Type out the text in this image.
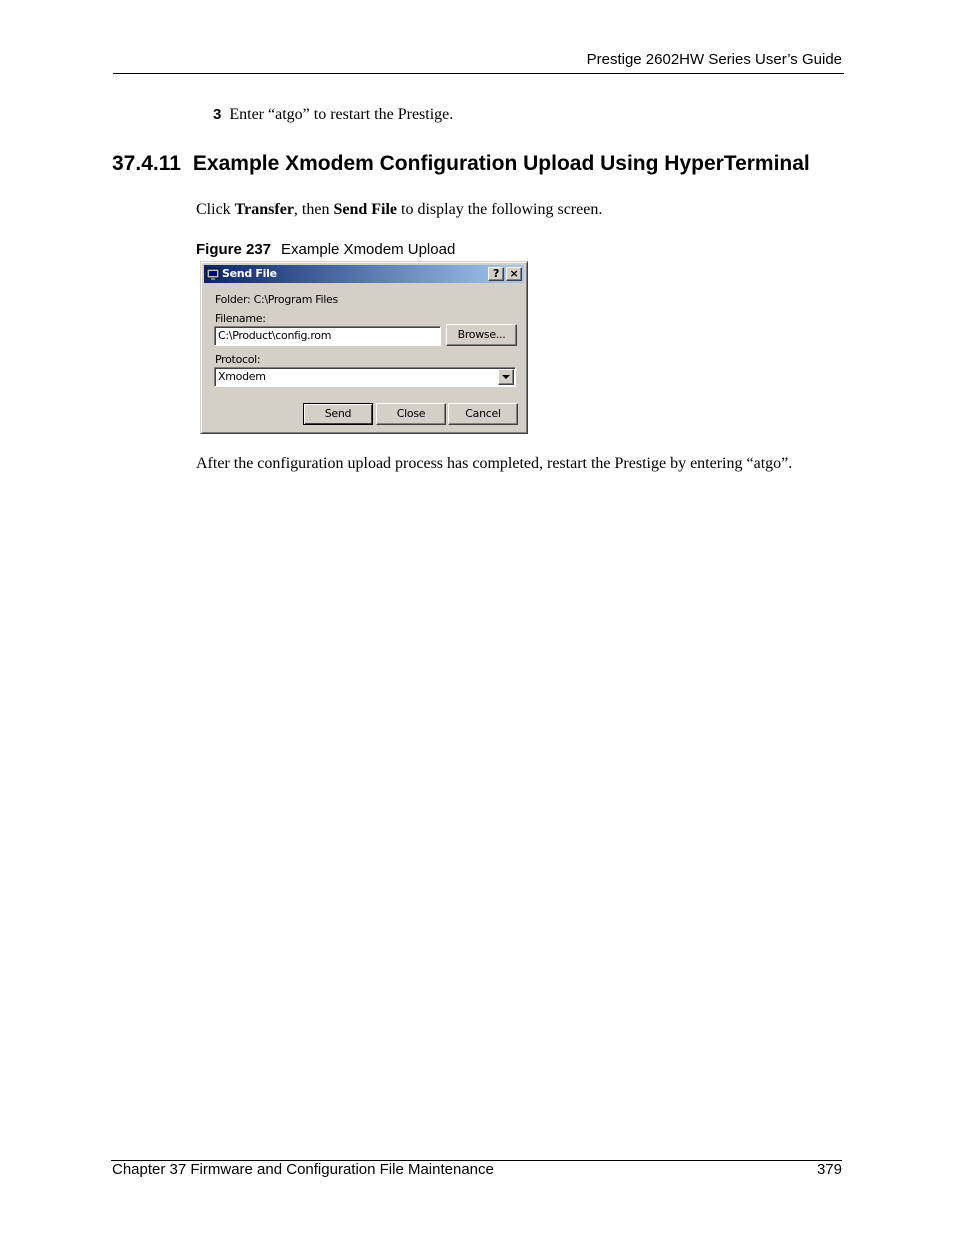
Prestige 2602HW Series User’s Guide
3 Enter “atgo” to restart the Prestige.
37.4.11 Example Xmodem Configuration Upload Using HyperTerminal
Click Transfer, then Send File to display the following screen.
Figure 237 Example Xmodem Upload
Send File	? ×
Folder: C:\Program Files
Filename:
C:\Product\config.rom	Browse...
Protocol:
Xmodem
Send	Close	Cancel
After the configuration upload process has completed, restart the Prestige by entering “atgo”.
Chapter 37 Firmware and Configuration File Maintenance	379
